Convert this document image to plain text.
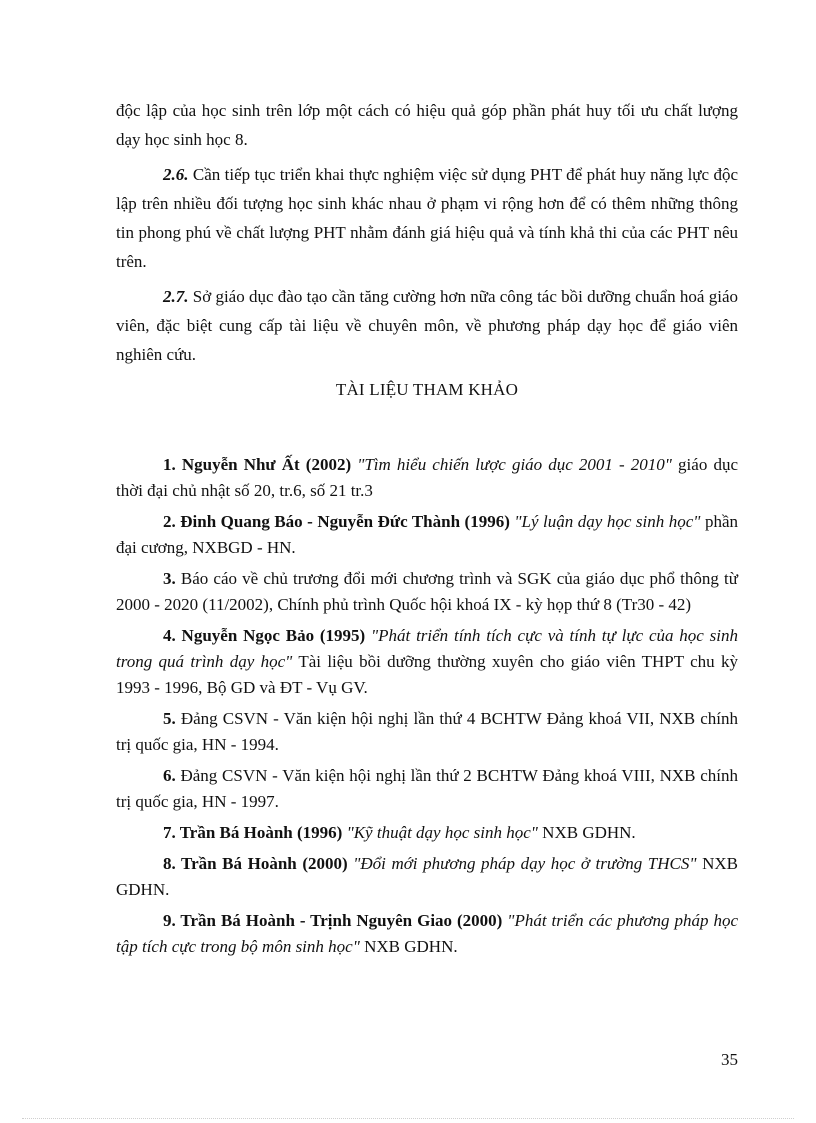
độc lập của học sinh trên lớp một cách có hiệu quả góp phần phát huy tối ưu chất lượng dạy học sinh học 8.

2.6. Cần tiếp tục triển khai thực nghiệm việc sử dụng PHT để phát huy năng lực độc lập trên nhiều đối tượng học sinh khác nhau ở phạm vi rộng hơn để có thêm những thông tin phong phú về chất lượng PHT nhằm đánh giá hiệu quả và tính khả thi của các PHT nêu trên.

2.7. Sở giáo dục đào tạo cần tăng cường hơn nữa công tác bồi dưỡng chuẩn hoá giáo viên, đặc biệt cung cấp tài liệu về chuyên môn, về phương pháp dạy học để giáo viên nghiên cứu.

TÀI LIỆU THAM KHẢO

1. Nguyễn Như Ất (2002) "Tìm hiểu chiến lược giáo dục 2001 - 2010" giáo dục thời đại chủ nhật số 20, tr.6, số 21 tr.3

2. Đinh Quang Báo - Nguyễn Đức Thành (1996) "Lý luận dạy học sinh học" phần đại cương, NXBGD - HN.

3. Báo cáo về chủ trương đổi mới chương trình và SGK của giáo dục phổ thông từ 2000 - 2020 (11/2002), Chính phủ trình Quốc hội khoá IX - kỳ họp thứ 8 (Tr30 - 42)

4. Nguyễn Ngọc Bảo (1995) "Phát triển tính tích cực và tính tự lực của học sinh trong quá trình dạy học" Tài liệu bồi dưỡng thường xuyên cho giáo viên THPT chu kỳ 1993 - 1996, Bộ GD và ĐT - Vụ GV.

5. Đảng CSVN - Văn kiện hội nghị lần thứ 4 BCHTW Đảng khoá VII, NXB chính trị quốc gia, HN - 1994.

6. Đảng CSVN - Văn kiện hội nghị lần thứ 2 BCHTW Đảng khoá VIII, NXB chính trị quốc gia, HN - 1997.

7. Trần Bá Hoành (1996) "Kỹ thuật dạy học sinh học" NXB GDHN.

8. Trần Bá Hoành (2000) "Đổi mới phương pháp dạy học ở trường THCS" NXB GDHN.

9. Trần Bá Hoành - Trịnh Nguyên Giao (2000) "Phát triển các phương pháp học tập tích cực trong bộ môn sinh học" NXB GDHN.

35
